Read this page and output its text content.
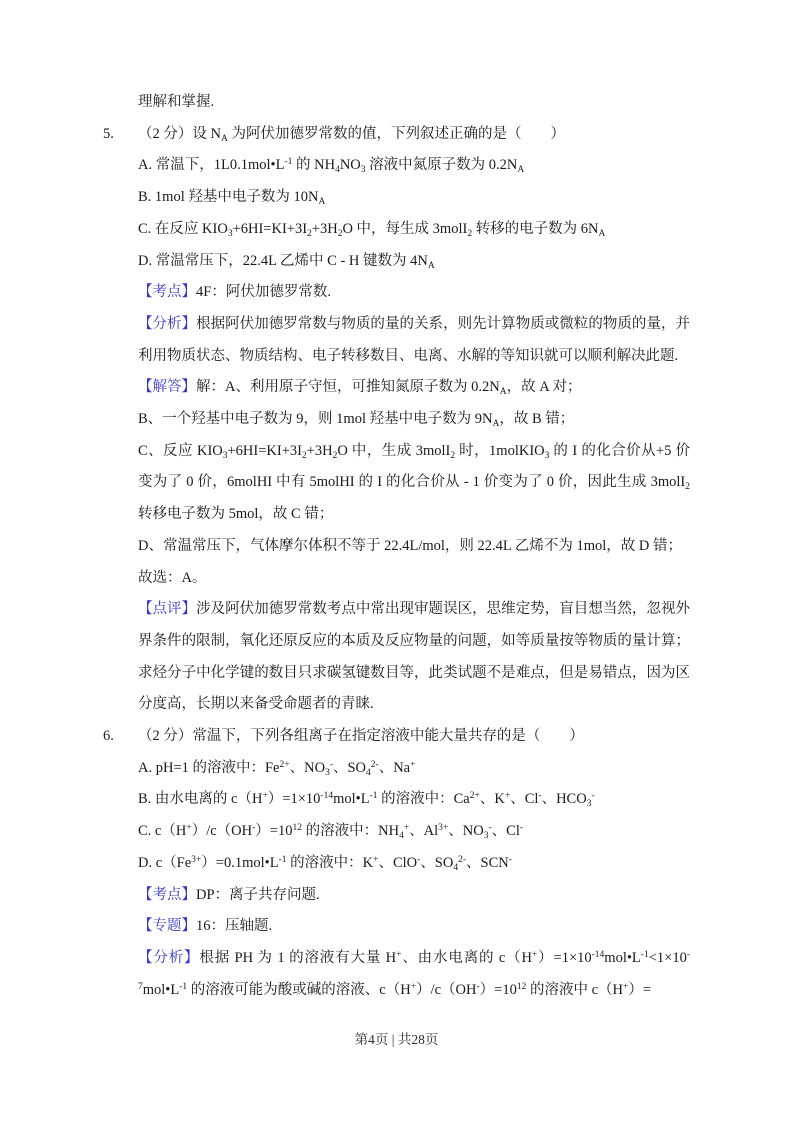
理解和掌握.
5. （2 分）设 $N_A$ 为阿伏加德罗常数的值，下列叙述正确的是（　　）
A. 常温下，$1L0.1mol•L^{-1}$ 的 $NH_4NO_3$ 溶液中氮原子数为 $0.2N_A$
B. 1mol 羟基中电子数为 $10N_A$
C. 在反应 $KIO_3+6HI=KI+3I_2+3H_2O$ 中，每生成 3molI$_2$ 转移的电子数为 $6N_A$
D. 常温常压下，22.4L 乙烯中 C - H 键数为 $4N_A$
【考点】4F：阿伏加德罗常数.
【分析】根据阿伏加德罗常数与物质的量的关系，则先计算物质或微粒的物质的量，并利用物质状态、物质结构、电子转移数目、电离、水解的等知识就可以顺利解决此题.
【解答】解：A、利用原子守恒，可推知氮原子数为 $0.2N_A$，故 A 对；
B、一个羟基中电子数为 9，则 1mol 羟基中电子数为 $9N_A$，故 B 错；
C、反应 $KIO_3+6HI=KI+3I_2+3H_2O$ 中，生成 3molI$_2$ 时，1molKIO$_3$ 的 I 的化合价从+5 价变为了 0 价，6molHI 中有 5molHI 的 I 的化合价从 - 1 价变为了 0 价，因此生成 3molI$_2$转移电子数为 5mol，故 C 错；
D、常温常压下，气体摩尔体积不等于 22.4L/mol，则 22.4L 乙烯不为 1mol，故 D 错；
故选：A。
【点评】涉及阿伏加德罗常数考点中常出现审题误区，思维定势，盲目想当然，忽视外界条件的限制，氧化还原反应的本质及反应物量的问题，如等质量按等物质的量计算；求烃分子中化学键的数目只求碳氢键数目等，此类试题不是难点，但是易错点，因为区分度高，长期以来备受命题者的青睐.
6. （2 分）常温下，下列各组离子在指定溶液中能大量共存的是（　　）
A. pH=1 的溶液中：$Fe^{2+}$、$NO_3^-$、$SO_4^{2-}$、Na+
B. 由水电离的 $c(H^+)=1\times 10^{-14}mol•L^{-1}$ 的溶液中：$Ca^{2+}$、K+、Cl-、$HCO_3^-$
C. $c(H^+)/c(OH^-)=10^{12}$ 的溶液中：$NH_4^+$、$Al^{3+}$、$NO_3^-$、Cl-
D. $c(Fe^{3+})=0.1mol•L^{-1}$ 的溶液中：K+、ClO-、$SO_4^{2-}$、SCN-
【考点】DP：离子共存问题.
【专题】16：压轴题.
【分析】根据 PH 为 1 的溶液有大量 H+、由水电离的 $c(H^+)=1\times 10^{-14}mol•L^{-1}<1\times 10^{-7}mol•L^{-1}$ 的溶液可能为酸或碱的溶液、$c(H^+)/c(OH^-)=10^{12}$ 的溶液中 c（H+）=
第4页 | 共28页
